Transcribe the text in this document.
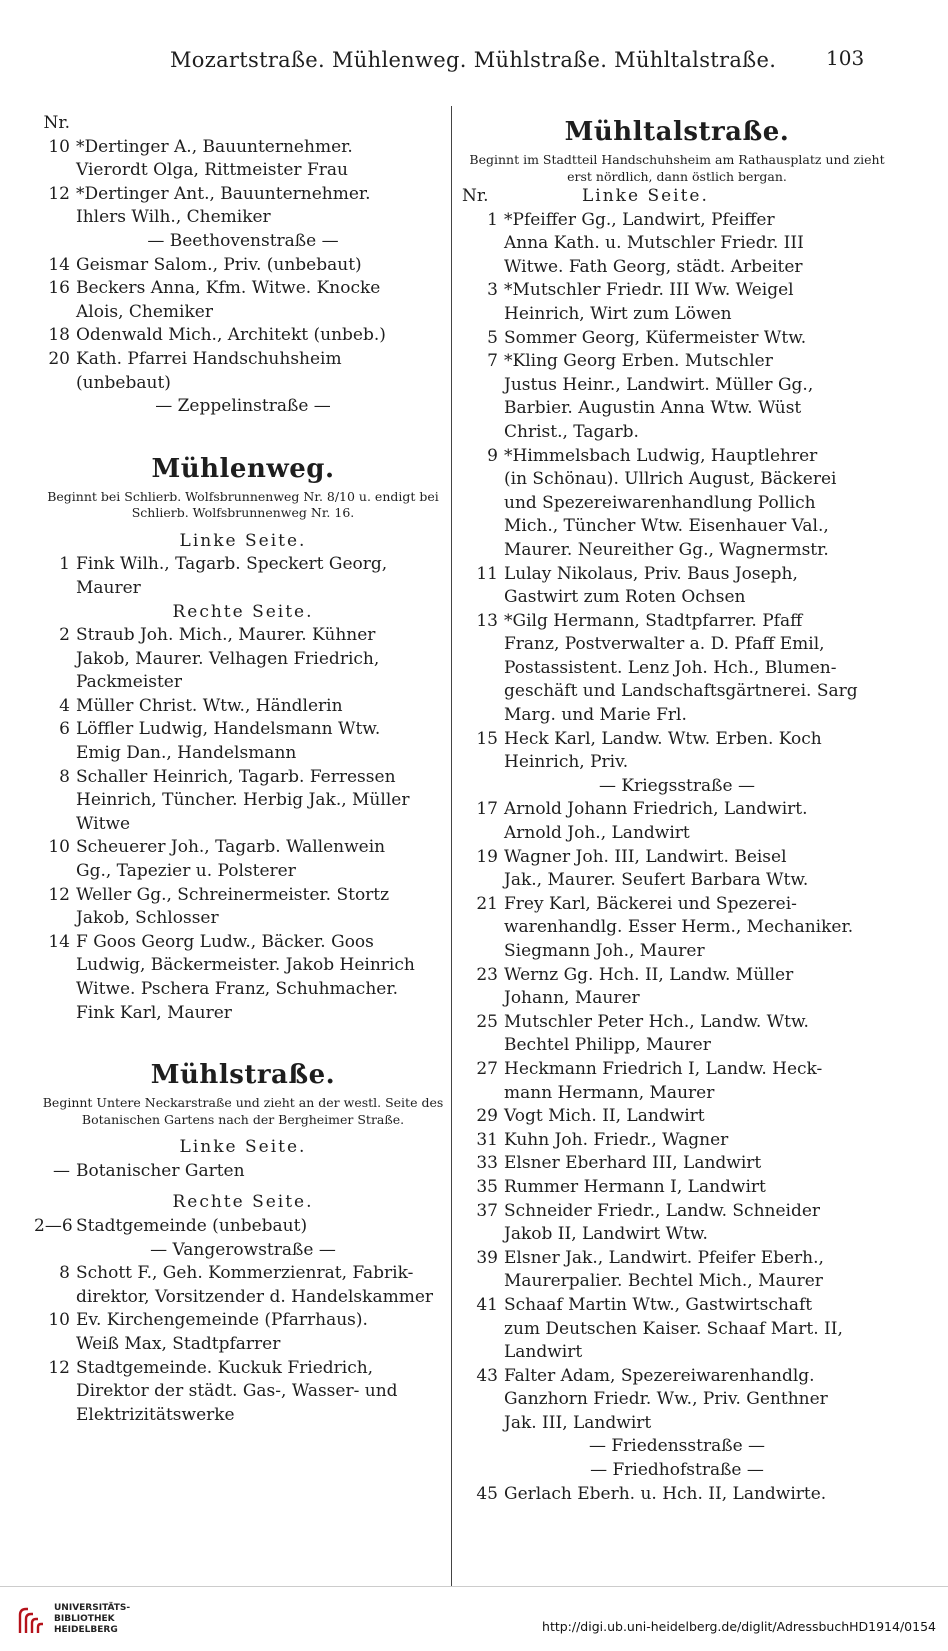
Mozartstraße. Mühlenweg. Mühlstraße. Mühltalstraße. 103
Nr.
10 *Dertinger A., Bauunternehmer.
Vierordt Olga, Rittmeister Frau
12 *Dertinger Ant., Bauunternehmer.
Ihlers Wilh., Chemiker
— Beethovenstraße —
14 Geismar Salom., Priv. (unbebaut)
16 Beckers Anna, Kfm. Witwe. Knocke
Alois, Chemiker
18 Odenwald Mich., Architekt (unbeb.)
20 Kath. Pfarrei Handschuhsheim
(unbebaut)
— Zeppelinstraße —
Mühlenweg.
Beginnt bei Schlierb. Wolfsbrunnenweg Nr. 8/10 u. endigt bei Schlierb. Wolfsbrunnenweg Nr. 16.
Linke Seite.
1 Fink Wilh., Tagarb. Speckert Georg,
Maurer
Rechte Seite.
2 Straub Joh. Mich., Maurer. Kühner
Jakob, Maurer. Velhagen Friedrich,
Packmeister
4 Müller Christ. Wtw., Händlerin
6 Löffler Ludwig, Handelsmann Wtw.
Emig Dan., Handelsmann
8 Schaller Heinrich, Tagarb. Ferressen
Heinrich, Tüncher. Herbig Jak., Müller
Witwe
10 Scheuerer Joh., Tagarb. Wallenwein
Gg., Tapezier u. Polsterer
12 Weller Gg., Schreinermeister. Stortz
Jakob, Schlosser
14 F Goos Georg Ludw., Bäcker. Goos
Ludwig, Bäckermeister. Jakob Heinrich
Witwe. Pschera Franz, Schuhmacher.
Fink Karl, Maurer
Mühlstraße.
Beginnt Untere Neckarstraße und zieht an der westl. Seite des Botanischen Gartens nach der Bergheimer Straße.
Linke Seite.
— Botanischer Garten
Rechte Seite.
2—6 Stadtgemeinde (unbebaut)
— Vangerowstraße —
8 Schott F., Geh. Kommerzienrat, Fabrik-
direktor, Vorsitzender d. Handelskammer
10 Ev. Kirchengemeinde (Pfarrhaus).
Weiß Max, Stadtpfarrer
12 Stadtgemeinde. Kuckuk Friedrich,
Direktor der städt. Gas-, Wasser- und
Elektrizitätswerke
Mühltalstraße.
Beginnt im Stadtteil Handschuhsheim am Rathausplatz und zieht erst nördlich, dann östlich bergan.
Nr.	Linke Seite.
1 *Pfeiffer Gg., Landwirt, Pfeiffer
Anna Kath. u. Mutschler Friedr. III
Witwe. Fath Georg, städt. Arbeiter
3 *Mutschler Friedr. III Ww. Weigel
Heinrich, Wirt zum Löwen
5 Sommer Georg, Küfermeister Wtw.
7 *Kling Georg Erben. Mutschler
Justus Heinr., Landwirt. Müller Gg.,
Barbier. Augustin Anna Wtw. Wüst
Christ., Tagarb.
9 *Himmelsbach Ludwig, Hauptlehrer
(in Schönau). Ullrich August, Bäckerei
und Spezereiwarenhandlung Pollich
Mich., Tüncher Wtw. Eisenhauer Val.,
Maurer. Neureither Gg., Wagnermstr.
11 Lulay Nikolaus, Priv. Baus Joseph,
Gastwirt zum Roten Ochsen
13 *Gilg Hermann, Stadtpfarrer. Pfaff
Franz, Postverwalter a. D. Pfaff Emil,
Postassistent. Lenz Joh. Hch., Blumen-
geschäft und Landschaftsgärtnerei. Sarg
Marg. und Marie Frl.
15 Heck Karl, Landw. Wtw. Erben. Koch
Heinrich, Priv.
— Kriegsstraße —
17 Arnold Johann Friedrich, Landwirt.
Arnold Joh., Landwirt
19 Wagner Joh. III, Landwirt. Beisel
Jak., Maurer. Seufert Barbara Wtw.
21 Frey Karl, Bäckerei und Spezerei-
warenhandlg. Esser Herm., Mechaniker.
Siegmann Joh., Maurer
23 Wernz Gg. Hch. II, Landw. Müller
Johann, Maurer
25 Mutschler Peter Hch., Landw. Wtw.
Bechtel Philipp, Maurer
27 Heckmann Friedrich I, Landw. Heck-
mann Hermann, Maurer
29 Vogt Mich. II, Landwirt
31 Kuhn Joh. Friedr., Wagner
33 Elsner Eberhard III, Landwirt
35 Rummer Hermann I, Landwirt
37 Schneider Friedr., Landw. Schneider
Jakob II, Landwirt Wtw.
39 Elsner Jak., Landwirt. Pfeifer Eberh.,
Maurerpalier. Bechtel Mich., Maurer
41 Schaaf Martin Wtw., Gastwirtschaft
zum Deutschen Kaiser. Schaaf Mart. II,
Landwirt
43 Falter Adam, Spezereiwarenhandlg.
Ganzhorn Friedr. Ww., Priv. Genthner
Jak. III, Landwirt
— Friedensstraße —
— Friedhofstraße —
45 Gerlach Eberh. u. Hch. II, Landwirte.
UNIVERSITÄTS-
BIBLIOTHEK
HEIDELBERG	http://digi.ub.uni-heidelberg.de/diglit/AdressbuchHD1914/0154
